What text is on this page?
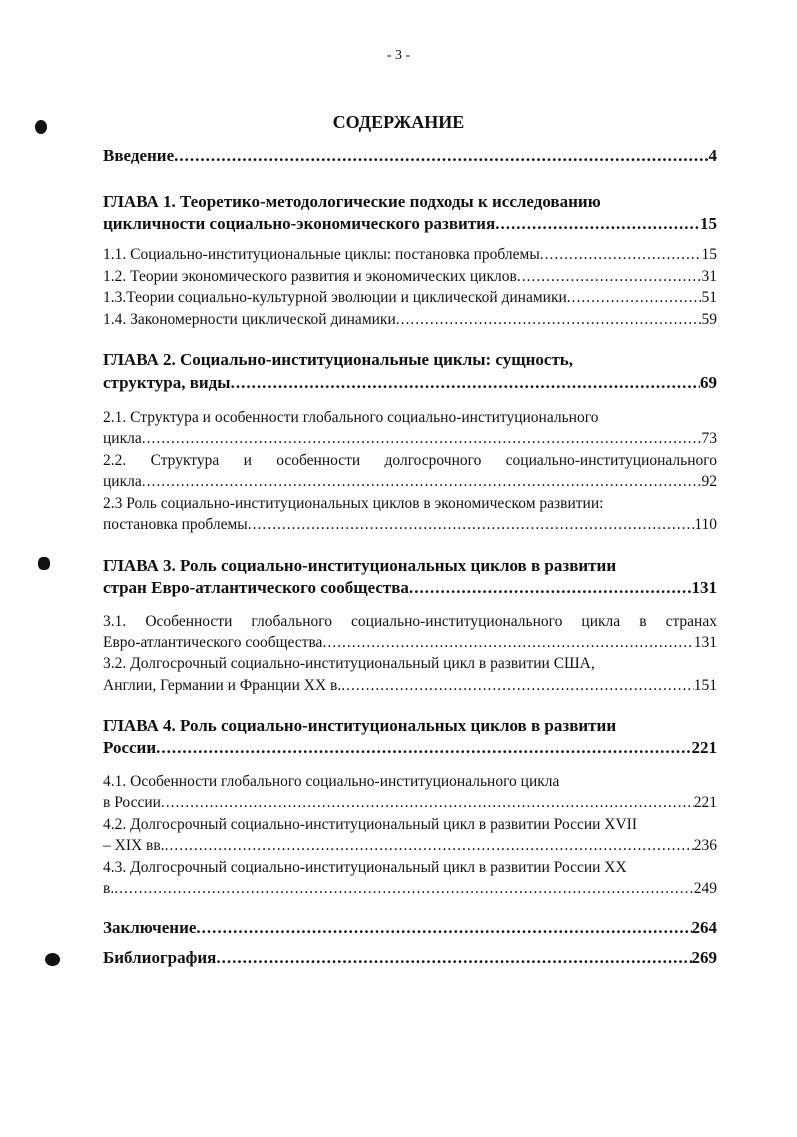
- 3 -
СОДЕРЖАНИЕ
Введение .....	4
ГЛАВА 1. Теоретико-методологические подходы к исследованию
цикличности социально-экономического развития .....	15
1.1. Социально-институциональные циклы: постановка проблемы .....	15
1.2. Теории экономического развития и экономических циклов .....	31
1.3.Теории социально-культурной эволюции и циклической динамики .....	51
1.4. Закономерности циклической динамики .....	59
ГЛАВА 2. Социально-институциональные циклы: сущность,
структура, виды .....	69
2.1. Структура и особенности глобального социально-институционального
цикла .....	73
2.2. Структура и особенности долгосрочного социально-институционального
цикла .....	92
2.3 Роль социально-институциональных циклов в экономическом развитии:
постановка проблемы .....	110
ГЛАВА 3. Роль социально-институциональных циклов в развитии
стран Евро-атлантического сообщества .....	131
3.1. Особенности глобального социально-институционального цикла в странах
Евро-атлантического сообщества .....	131
3.2. Долгосрочный социально-институциональный цикл в развитии США,
Англии, Германии и Франции XX в. .....	151
ГЛАВА 4. Роль социально-институциональных циклов в развитии
России .....	221
4.1. Особенности глобального социально-институционального цикла
в России .....	221
4.2. Долгосрочный социально-институциональный цикл в развитии России XVII
– XIX вв. .....	236
4.3. Долгосрочный социально-институциональный цикл в развитии России XX
в. .....	249
Заключение .....	264
Библиография .....	269
